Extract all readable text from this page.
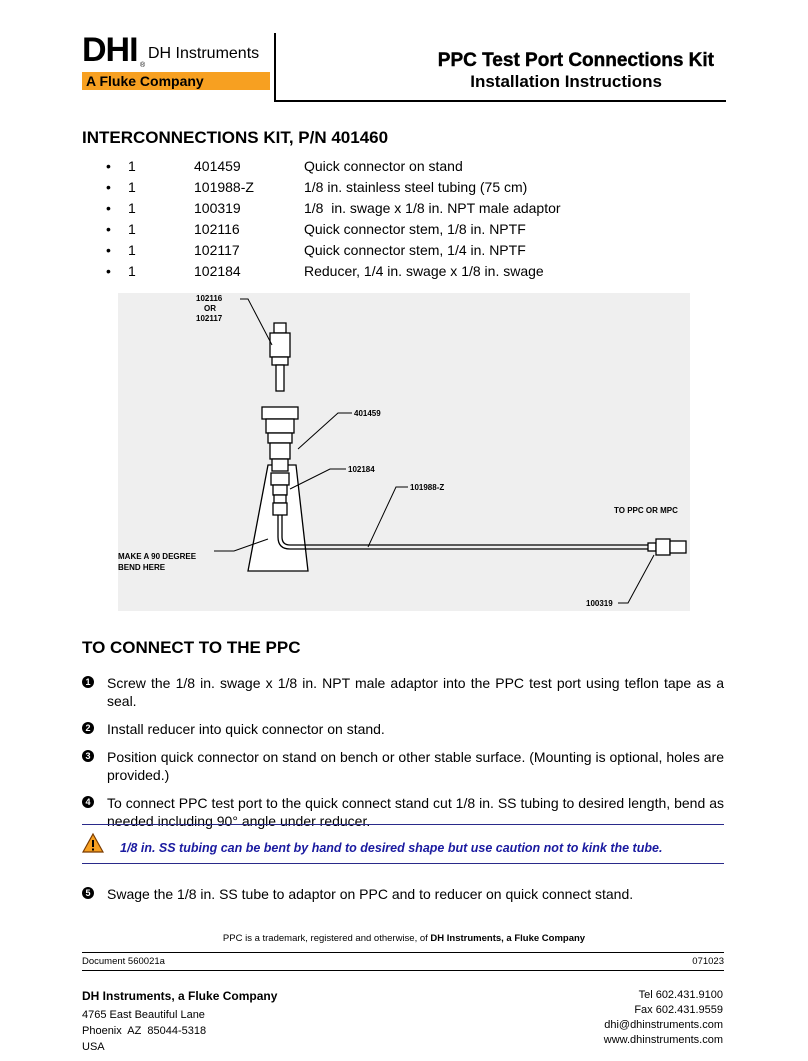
DHI ®
DH Instruments
A Fluke Company
PPC Test Port Connections Kit
Installation Instructions
INTERCONNECTIONS KIT, P/N 401460
• 1	401459	Quick connector on stand
• 1	101988-Z	1/8 in. stainless steel tubing (75 cm)
• 1	100319	1/8  in. swage x 1/8 in. NPT male adaptor
• 1	102116	Quick connector stem, 1/8 in. NPTF
• 1	102117	Quick connector stem, 1/4 in. NPTF
• 1	102184	Reducer, 1/4 in. swage x 1/8 in. swage
102116
OR
102117
401459
102184
101988-Z
TO PPC OR MPC
MAKE A 90 DEGREE
BEND HERE
100319
TO CONNECT TO THE PPC
1 Screw the 1/8 in. swage x 1/8 in. NPT male adaptor into the PPC test port using teflon tape as a seal.
2 Install reducer into quick connector on stand.
3 Position quick connector on stand on bench or other stable surface. (Mounting is optional, holes are provided.)
4 To connect PPC test port to the quick connect stand cut 1/8 in. SS tubing to desired length, bend as needed including 90° angle under reducer.
1/8 in. SS tubing can be bent by hand to desired shape but use caution not to kink the tube.
5 Swage the 1/8 in. SS tube to adaptor on PPC and to reducer on quick connect stand.
PPC is a trademark, registered and otherwise, of DH Instruments, a Fluke Company
Document 560021a	071023
DH Instruments, a Fluke Company
4765 East Beautiful Lane
Phoenix  AZ  85044-5318
USA
Tel 602.431.9100
Fax 602.431.9559
dhi@dhinstruments.com
www.dhinstruments.com
